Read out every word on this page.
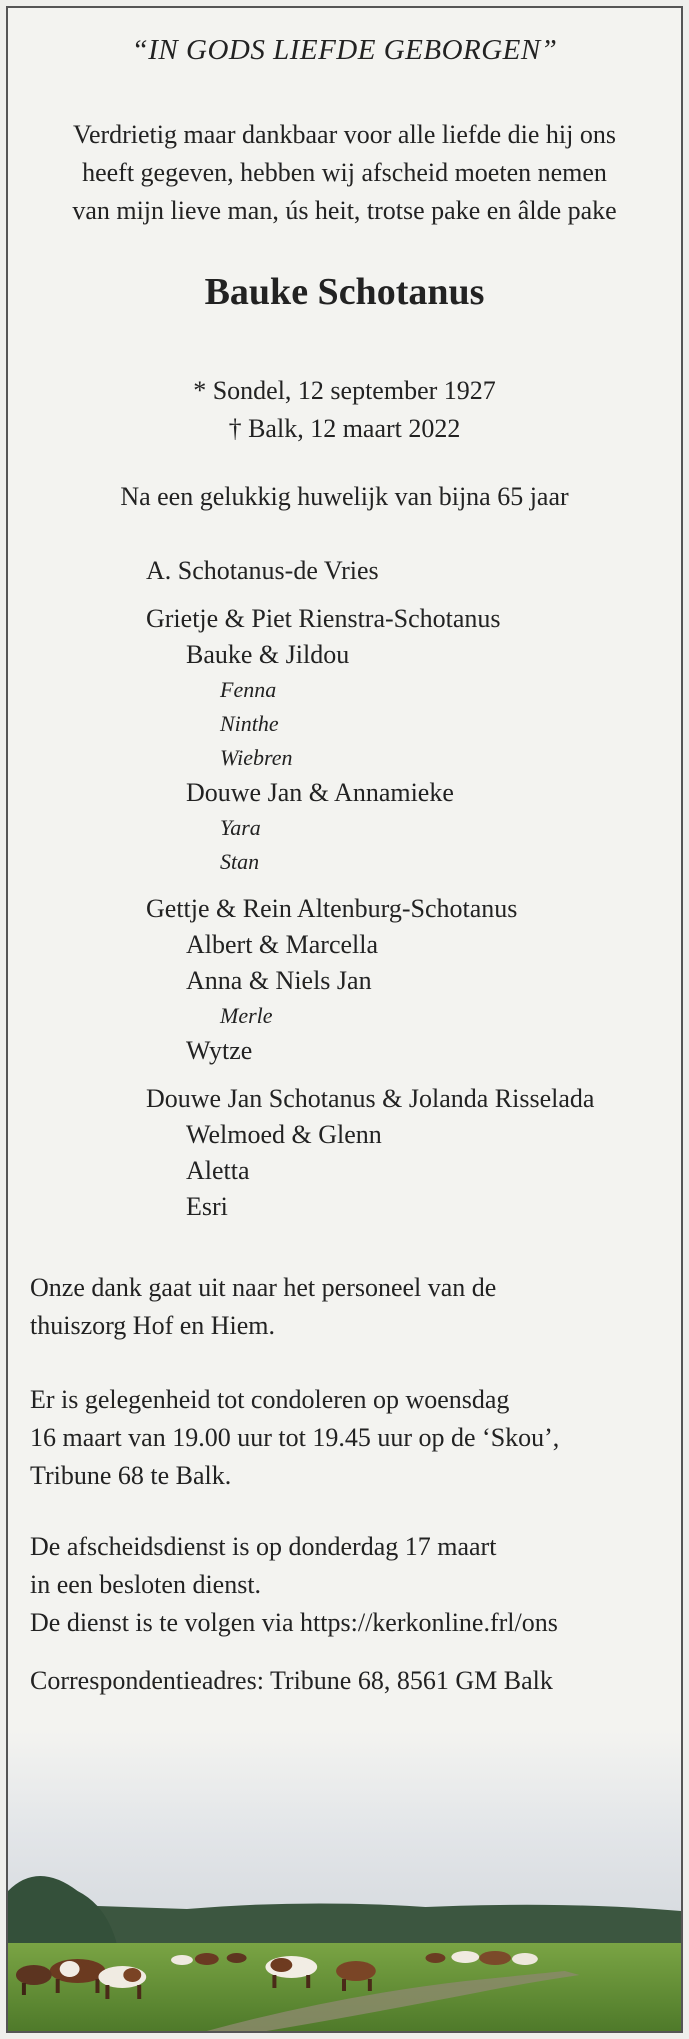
“IN GODS LIEFDE GEBORGEN”
Verdrietig maar dankbaar voor alle liefde die hij ons
heeft gegeven, hebben wij afscheid moeten nemen
van mijn lieve man, ús heit, trotse pake en âlde pake
Bauke Schotanus
* Sondel, 12 september 1927
† Balk, 12 maart 2022
Na een gelukkig huwelijk van bijna 65 jaar
A. Schotanus-de Vries
Grietje & Piet Rienstra-Schotanus
Bauke & Jildou
Fenna
Ninthe
Wiebren
Douwe Jan & Annamieke
Yara
Stan
Gettje & Rein Altenburg-Schotanus
Albert & Marcella
Anna & Niels Jan
Merle
Wytze
Douwe Jan Schotanus & Jolanda Risselada
Welmoed & Glenn
Aletta
Esri
Onze dank gaat uit naar het personeel van de
thuiszorg Hof en Hiem.
Er is gelegenheid tot condoleren op woensdag
16 maart van 19.00 uur tot 19.45 uur op de ‘Skou’,
Tribune 68 te Balk.
De afscheidsdienst is op donderdag 17 maart
in een besloten dienst.
De dienst is te volgen via https://kerkonline.frl/ons
Correspondentieadres: Tribune 68, 8561 GM Balk
